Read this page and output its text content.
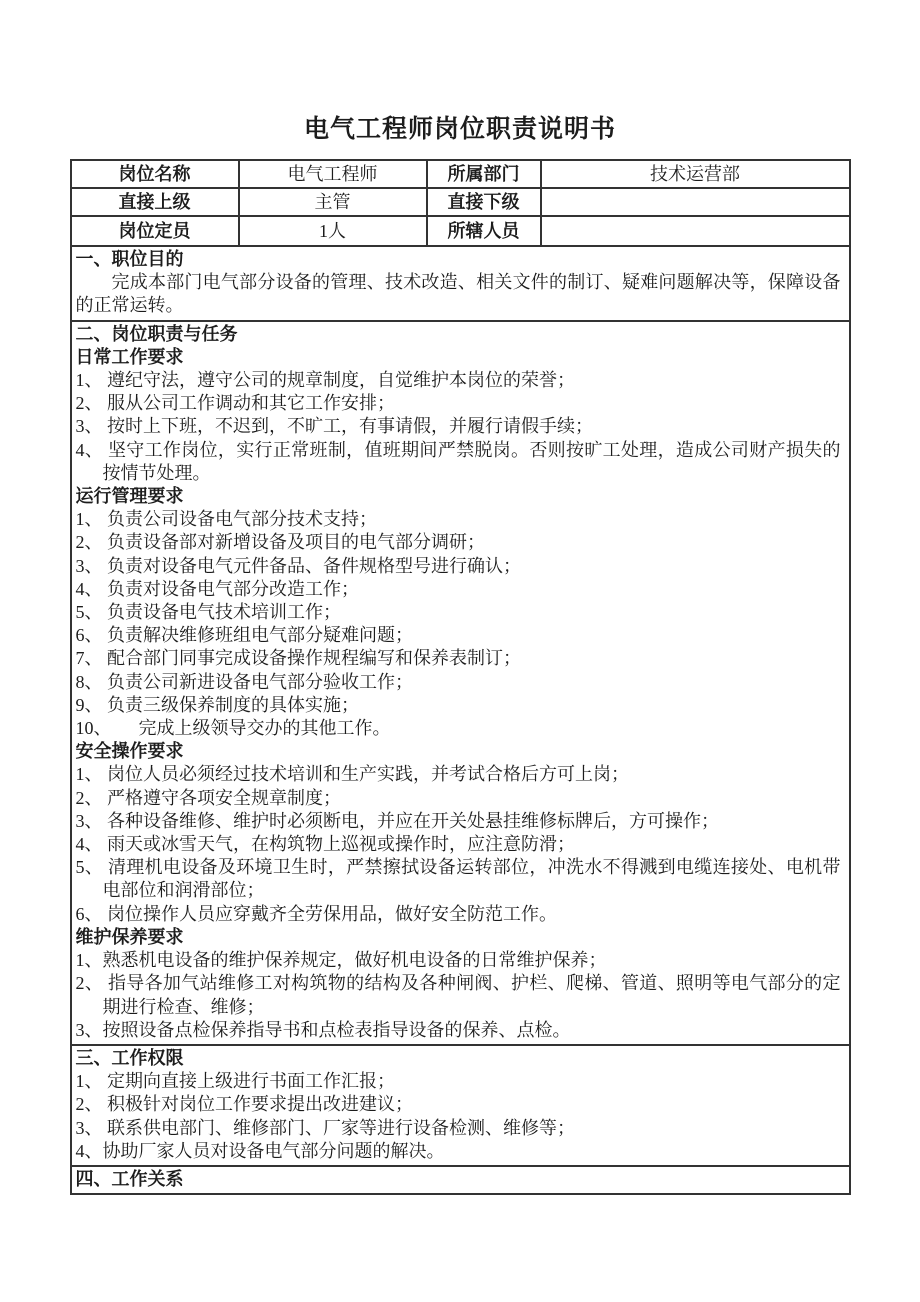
电气工程师岗位职责说明书
岗位名称	电气工程师	所属部门	技术运营部
直接上级	主管	直接下级
岗位定员	1人	所辖人员
一、职位目的
完成本部门电气部分设备的管理、技术改造、相关文件的制订、疑难问题解决等，保障设备的正常运转。
二、岗位职责与任务
日常工作要求
1、 遵纪守法，遵守公司的规章制度，自觉维护本岗位的荣誉；
2、 服从公司工作调动和其它工作安排；
3、 按时上下班，不迟到，不旷工，有事请假，并履行请假手续；
4、 坚守工作岗位，实行正常班制，值班期间严禁脱岗。否则按旷工处理，造成公司财产损失的按情节处理。
运行管理要求
1、 负责公司设备电气部分技术支持；
2、 负责设备部对新增设备及项目的电气部分调研；
3、 负责对设备电气元件备品、备件规格型号进行确认；
4、 负责对设备电气部分改造工作；
5、 负责设备电气技术培训工作；
6、 负责解决维修班组电气部分疑难问题；
7、 配合部门同事完成设备操作规程编写和保养表制订；
8、 负责公司新进设备电气部分验收工作；
9、 负责三级保养制度的具体实施；
10、　　完成上级领导交办的其他工作。
安全操作要求
1、 岗位人员必须经过技术培训和生产实践，并考试合格后方可上岗；
2、 严格遵守各项安全规章制度；
3、 各种设备维修、维护时必须断电，并应在开关处悬挂维修标牌后，方可操作；
4、 雨天或冰雪天气，在构筑物上巡视或操作时，应注意防滑；
5、 清理机电设备及环境卫生时，严禁擦拭设备运转部位，冲洗水不得溅到电缆连接处、电机带电部位和润滑部位；
6、 岗位操作人员应穿戴齐全劳保用品，做好安全防范工作。
维护保养要求
1、熟悉机电设备的维护保养规定，做好机电设备的日常维护保养；
2、 指导各加气站维修工对构筑物的结构及各种闸阀、护栏、爬梯、管道、照明等电气部分的定期进行检查、维修；
3、按照设备点检保养指导书和点检表指导设备的保养、点检。
三、工作权限
1、 定期向直接上级进行书面工作汇报；
2、 积极针对岗位工作要求提出改进建议；
3、 联系供电部门、维修部门、厂家等进行设备检测、维修等；
4、协助厂家人员对设备电气部分问题的解决。
四、工作关系
